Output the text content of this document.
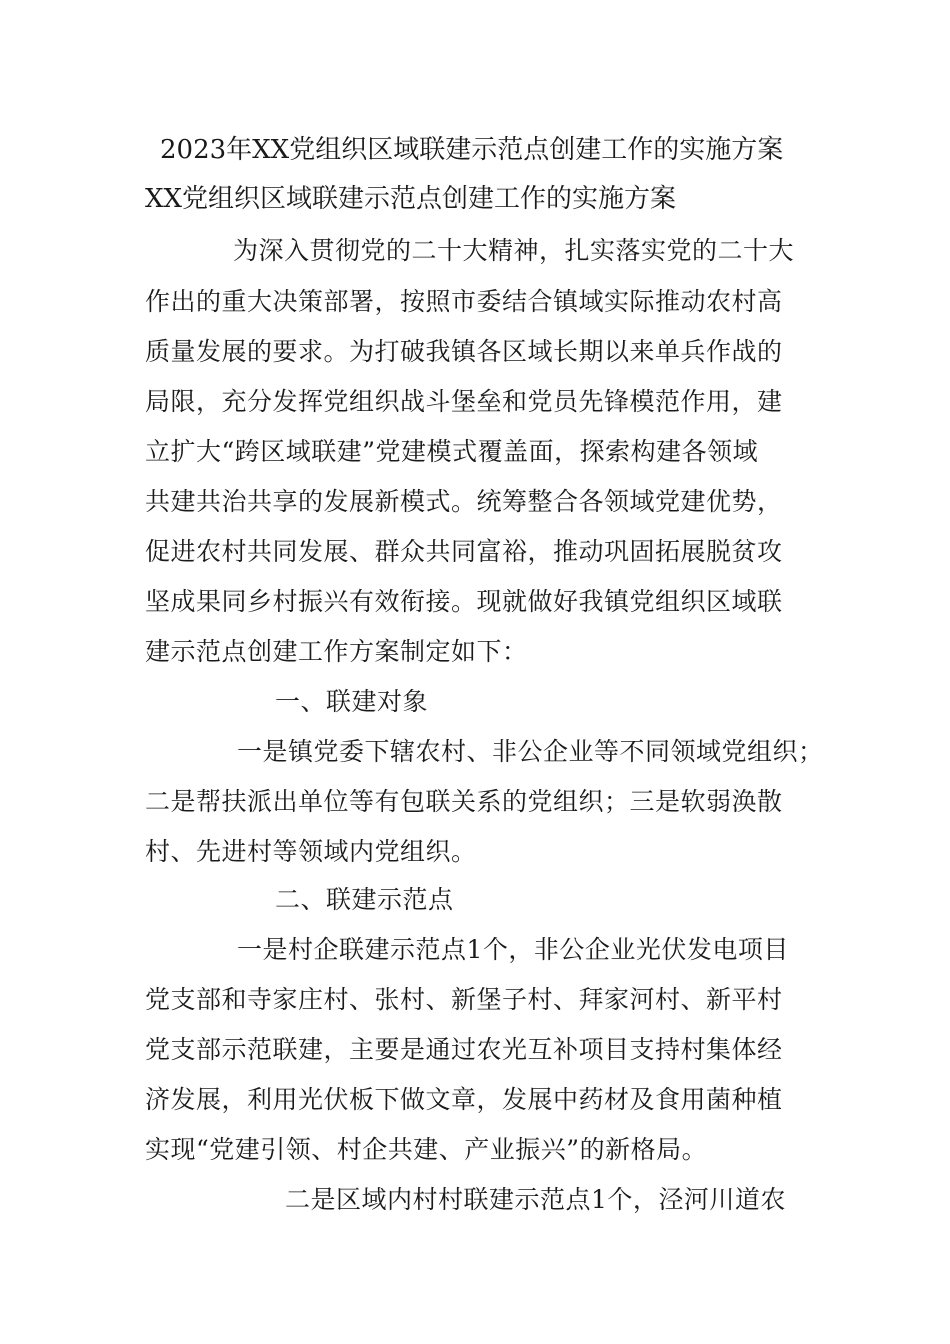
2023年XX党组织区域联建示范点创建工作的实施方案
XX党组织区域联建示范点创建工作的实施方案
为深入贯彻党的二十大精神，扎实落实党的二十大
作出的重大决策部署，按照市委结合镇域实际推动农村高
质量发展的要求。为打破我镇各区域长期以来单兵作战的
局限，充分发挥党组织战斗堡垒和党员先锋模范作用，建
立扩大“跨区域联建”党建模式覆盖面，探索构建各领域
共建共治共享的发展新模式。统筹整合各领域党建优势，
促进农村共同发展、群众共同富裕，推动巩固拓展脱贫攻
坚成果同乡村振兴有效衔接。现就做好我镇党组织区域联
建示范点创建工作方案制定如下：
一、联建对象
一是镇党委下辖农村、非公企业等不同领域党组织；
二是帮扶派出单位等有包联关系的党组织；三是软弱涣散
村、先进村等领域内党组织。
二、联建示范点
一是村企联建示范点1个，非公企业光伏发电项目
党支部和寺家庄村、张村、新堡子村、拜家河村、新平村
党支部示范联建，主要是通过农光互补项目支持村集体经
济发展，利用光伏板下做文章，发展中药材及食用菌种植
实现“党建引领、村企共建、产业振兴”的新格局。
二是区域内村村联建示范点1个，泾河川道农
